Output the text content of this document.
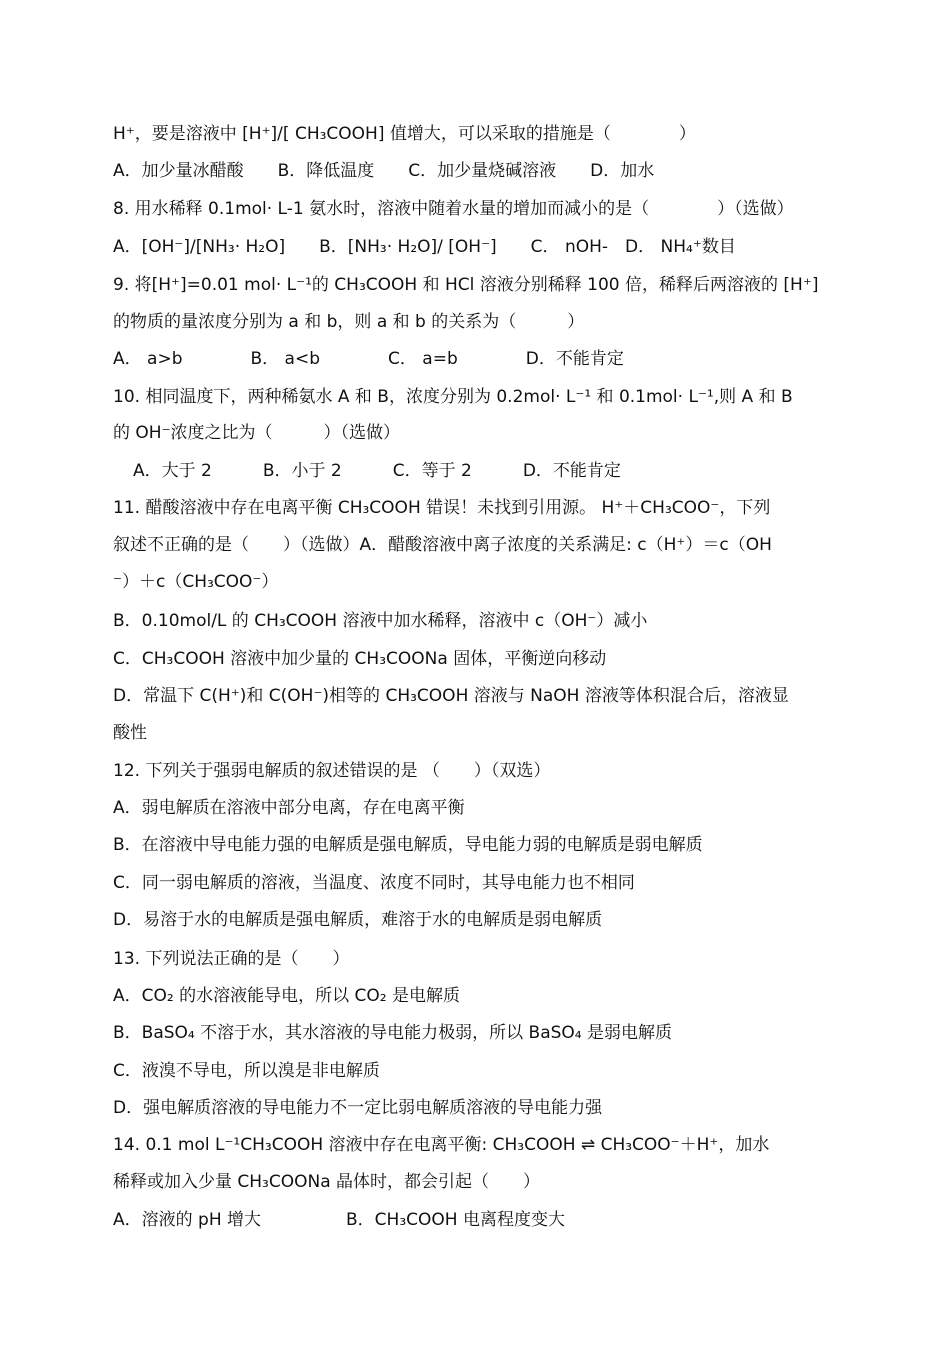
H⁺，要是溶液中 [H⁺]/[ CH₃COOH] 值增大，可以采取的措施是（　　　　）
A．加少量冰醋酸　　B．降低温度　　C．加少量烧碱溶液　　D．加水
8. 用水稀释 0.1mol· L-1 氨水时，溶液中随着水量的增加而减小的是（　　　　）（选做）
A．[OH⁻]/[NH₃· H₂O]　　B．[NH₃· H₂O]/ [OH⁻]　　C． nOH-　D． NH₄⁺数目
9. 将[H⁺]=0.01 mol· L⁻¹的 CH₃COOH 和 HCl 溶液分别稀释 100 倍，稀释后两溶液的 [H⁺]
的物质的量浓度分别为 a 和 b，则 a 和 b 的关系为（　　　）
A． a>b　　　　B． a<b　　　　C． a=b　　　　D．不能肯定
10. 相同温度下，两种稀氨水 A 和 B，浓度分别为 0.2mol· L⁻¹ 和 0.1mol· L⁻¹,则 A 和 B
的 OH⁻浓度之比为（　　　）（选做）
A．大于 2　　　B．小于 2　　　C．等于 2　　　D．不能肯定
11. 醋酸溶液中存在电离平衡 CH₃COOH 错误！未找到引用源。 H⁺＋CH₃COO⁻，下列
叙述不正确的是（　　）（选做）A．醋酸溶液中离子浓度的关系满足: c（H⁺）＝c（OH
⁻）＋c（CH₃COO⁻）
B．0.10mol/L 的 CH₃COOH 溶液中加水稀释，溶液中 c（OH⁻）减小
C．CH₃COOH 溶液中加少量的 CH₃COONa 固体，平衡逆向移动
D．常温下 C(H⁺)和 C(OH⁻)相等的 CH₃COOH 溶液与 NaOH 溶液等体积混合后，溶液显
酸性
12. 下列关于强弱电解质的叙述错误的是 （　　）（双选）
A．弱电解质在溶液中部分电离，存在电离平衡
B．在溶液中导电能力强的电解质是强电解质，导电能力弱的电解质是弱电解质
C．同一弱电解质的溶液，当温度、浓度不同时，其导电能力也不相同
D．易溶于水的电解质是强电解质，难溶于水的电解质是弱电解质
13. 下列说法正确的是（　　）
A．CO₂ 的水溶液能导电，所以 CO₂ 是电解质
B．BaSO₄ 不溶于水，其水溶液的导电能力极弱，所以 BaSO₄ 是弱电解质
C．液溴不导电，所以溴是非电解质
D．强电解质溶液的导电能力不一定比弱电解质溶液的导电能力强
14. 0.1 mol L⁻¹CH₃COOH 溶液中存在电离平衡: CH₃COOH ⇌ CH₃COO⁻＋H⁺，加水
稀释或加入少量 CH₃COONa 晶体时，都会引起（　　）
A．溶液的 pH 增大　　　　　B．CH₃COOH 电离程度变大
